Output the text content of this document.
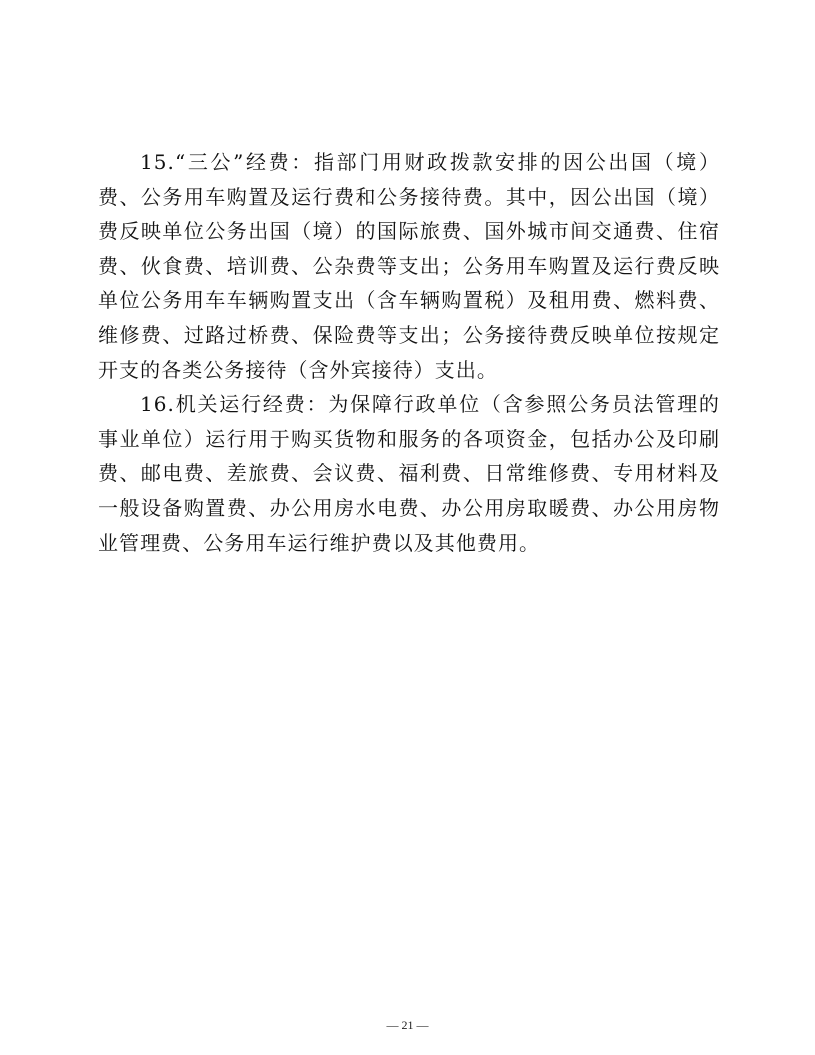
15.“三公”经费：指部门用财政拨款安排的因公出国（境）费、公务用车购置及运行费和公务接待费。其中，因公出国（境）费反映单位公务出国（境）的国际旅费、国外城市间交通费、住宿费、伙食费、培训费、公杂费等支出；公务用车购置及运行费反映单位公务用车车辆购置支出（含车辆购置税）及租用费、燃料费、维修费、过路过桥费、保险费等支出；公务接待费反映单位按规定开支的各类公务接待（含外宾接待）支出。

16.机关运行经费：为保障行政单位（含参照公务员法管理的事业单位）运行用于购买货物和服务的各项资金，包括办公及印刷费、邮电费、差旅费、会议费、福利费、日常维修费、专用材料及一般设备购置费、办公用房水电费、办公用房取暖费、办公用房物业管理费、公务用车运行维护费以及其他费用。

— 21 —
